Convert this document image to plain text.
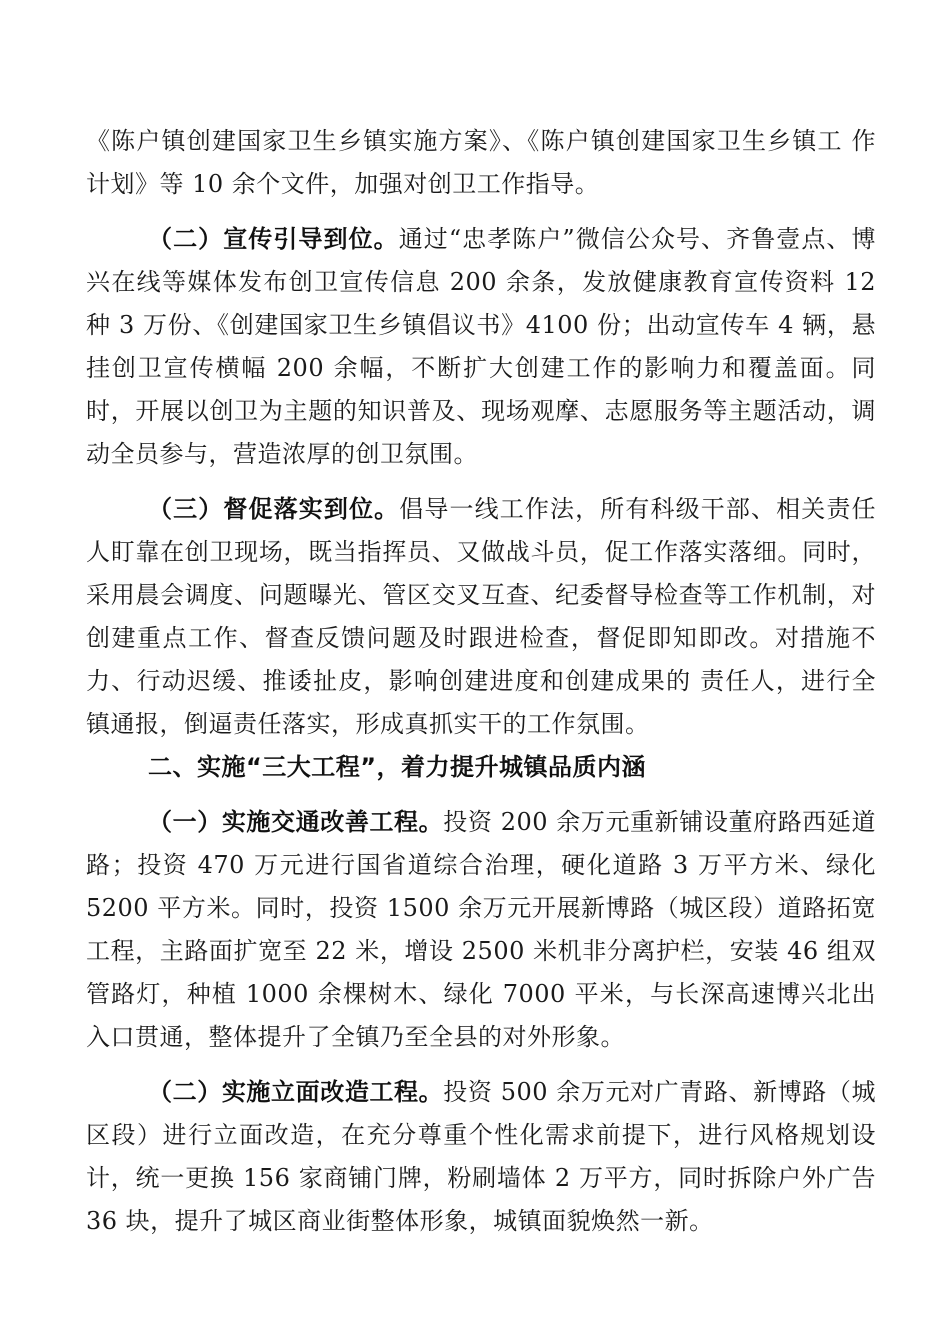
《陈户镇创建国家卫生乡镇实施方案》、《陈户镇创建国家卫生乡镇工 作计划》等 10 余个文件，加强对创卫工作指导。

（二）宣传引导到位。通过“忠孝陈户”微信公众号、齐鲁壹点、博兴在线等媒体发布创卫宣传信息 200 余条，发放健康教育宣传资料 12 种 3 万份、《创建国家卫生乡镇倡议书》4100 份；出动宣传车 4 辆，悬挂创卫宣传横幅 200 余幅，不断扩大创建工作的影响力和覆盖面。同时，开展以创卫为主题的知识普及、现场观摩、志愿服务等主题活动，调动全员参与，营造浓厚的创卫氛围。

（三）督促落实到位。倡导一线工作法，所有科级干部、相关责任人盯靠在创卫现场，既当指挥员、又做战斗员，促工作落实落细。同时，采用晨会调度、问题曝光、管区交叉互查、纪委督导检查等工作机制，对创建重点工作、督查反馈问题及时跟进检查，督促即知即改。对措施不力、行动迟缓、推诿扯皮，影响创建进度和创建成果的 责任人，进行全镇通报，倒逼责任落实，形成真抓实干的工作氛围。

二、实施“三大工程”，着力提升城镇品质内涵

（一）实施交通改善工程。投资 200 余万元重新铺设董府路西延道路；投资 470 万元进行国省道综合治理，硬化道路 3 万平方米、绿化 5200 平方米。同时，投资 1500 余万元开展新博路（城区段）道路拓宽工程，主路面扩宽至 22 米，增设 2500 米机非分离护栏，安装 46 组双管路灯，种植 1000 余棵树木、绿化 7000 平米，与长深高速博兴北出入口贯通，整体提升了全镇乃至全县的对外形象。

（二）实施立面改造工程。投资 500 余万元对广青路、新博路（城区段）进行立面改造，在充分尊重个性化需求前提下，进行风格规划设计，统一更换 156 家商铺门牌，粉刷墙体 2 万平方，同时拆除户外广告 36 块，提升了城区商业街整体形象，城镇面貌焕然一新。
